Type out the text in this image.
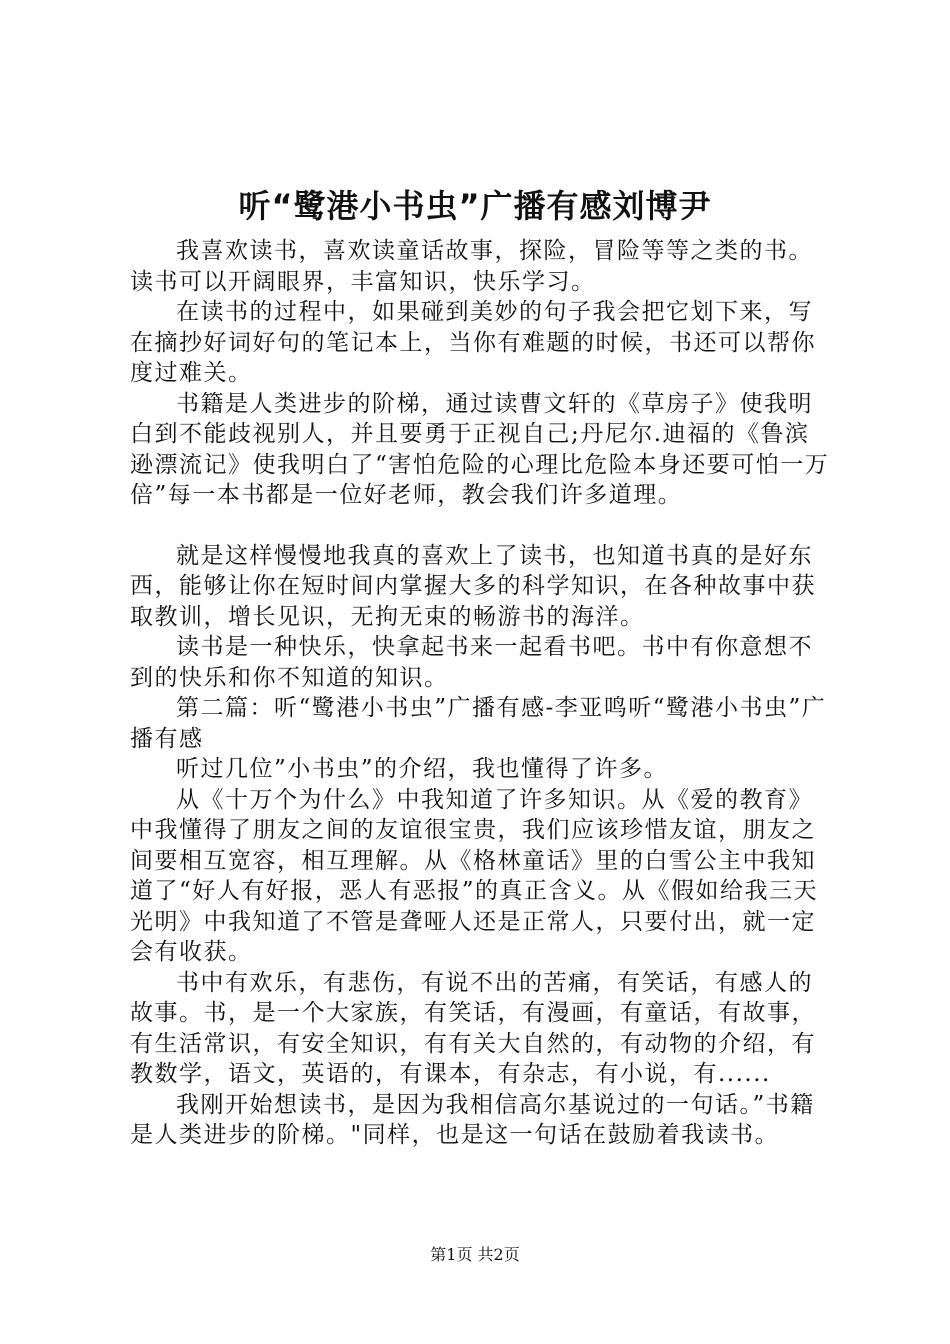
听“鹭港小书虫”广播有感刘博尹

我喜欢读书，喜欢读童话故事，探险，冒险等等之类的书。读书可以开阔眼界，丰富知识，快乐学习。

在读书的过程中，如果碰到美妙的句子我会把它划下来，写在摘抄好词好句的笔记本上，当你有难题的时候，书还可以帮你度过难关。

书籍是人类进步的阶梯，通过读曹文轩的《草房子》使我明白到不能歧视别人，并且要勇于正视自己;丹尼尔.迪福的《鲁滨逊漂流记》使我明白了“害怕危险的心理比危险本身还要可怕一万倍”每一本书都是一位好老师，教会我们许多道理。

就是这样慢慢地我真的喜欢上了读书，也知道书真的是好东西，能够让你在短时间内掌握大多的科学知识，在各种故事中获取教训，增长见识，无拘无束的畅游书的海洋。

读书是一种快乐，快拿起书来一起看书吧。书中有你意想不到的快乐和你不知道的知识。

第二篇：听“鹭港小书虫”广播有感-李亚鸣听“鹭港小书虫”广播有感

听过几位”小书虫”的介绍，我也懂得了许多。

从《十万个为什么》中我知道了许多知识。从《爱的教育》中我懂得了朋友之间的友谊很宝贵，我们应该珍惜友谊，朋友之间要相互宽容，相互理解。从《格林童话》里的白雪公主中我知道了“好人有好报，恶人有恶报”的真正含义。从《假如给我三天光明》中我知道了不管是聋哑人还是正常人，只要付出，就一定会有收获。

书中有欢乐，有悲伤，有说不出的苦痛，有笑话，有感人的故事。书，是一个大家族，有笑话，有漫画，有童话，有故事，有生活常识，有安全知识，有有关大自然的，有动物的介绍，有教数学，语文，英语的，有课本，有杂志，有小说，有......

我刚开始想读书，是因为我相信高尔基说过的一句话。”书籍是人类进步的阶梯。"同样，也是这一句话在鼓励着我读书。

第1页 共2页
